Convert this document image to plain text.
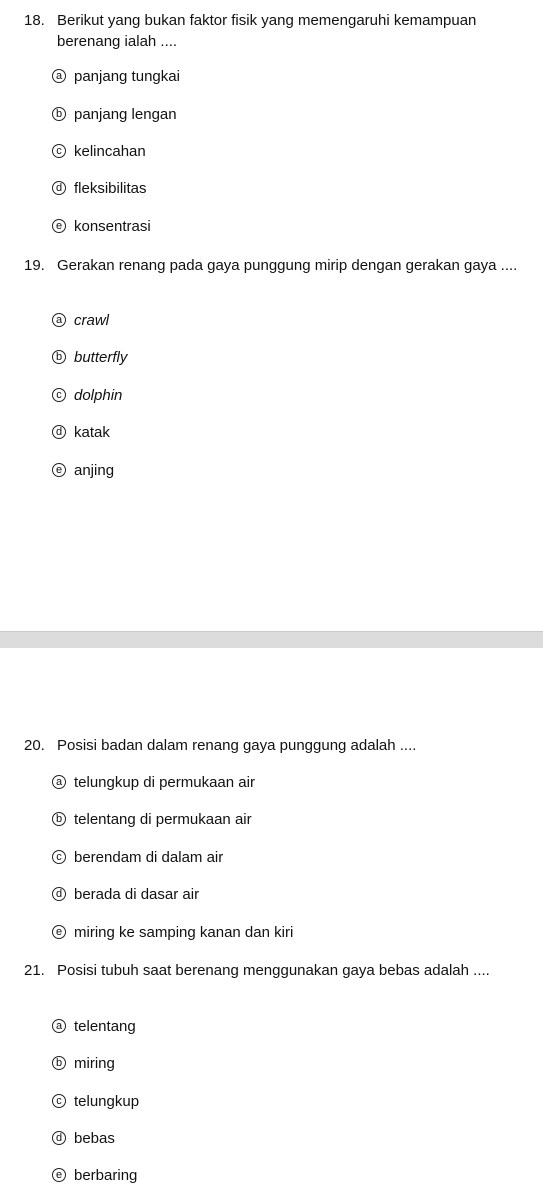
18. Berikut yang bukan faktor fisik yang memengaruhi kemampuan berenang ialah ....
a panjang tungkai
b panjang lengan
c kelincahan
d fleksibilitas
e konsentrasi
19. Gerakan renang pada gaya punggung mirip dengan gerakan gaya ....
a crawl
b butterfly
c dolphin
d katak
e anjing
20. Posisi badan dalam renang gaya punggung adalah ....
a telungkup di permukaan air
b telentang di permukaan air
c berendam di dalam air
d berada di dasar air
e miring ke samping kanan dan kiri
21. Posisi tubuh saat berenang menggunakan gaya bebas adalah ....
a telentang
b miring
c telungkup
d bebas
e berbaring
